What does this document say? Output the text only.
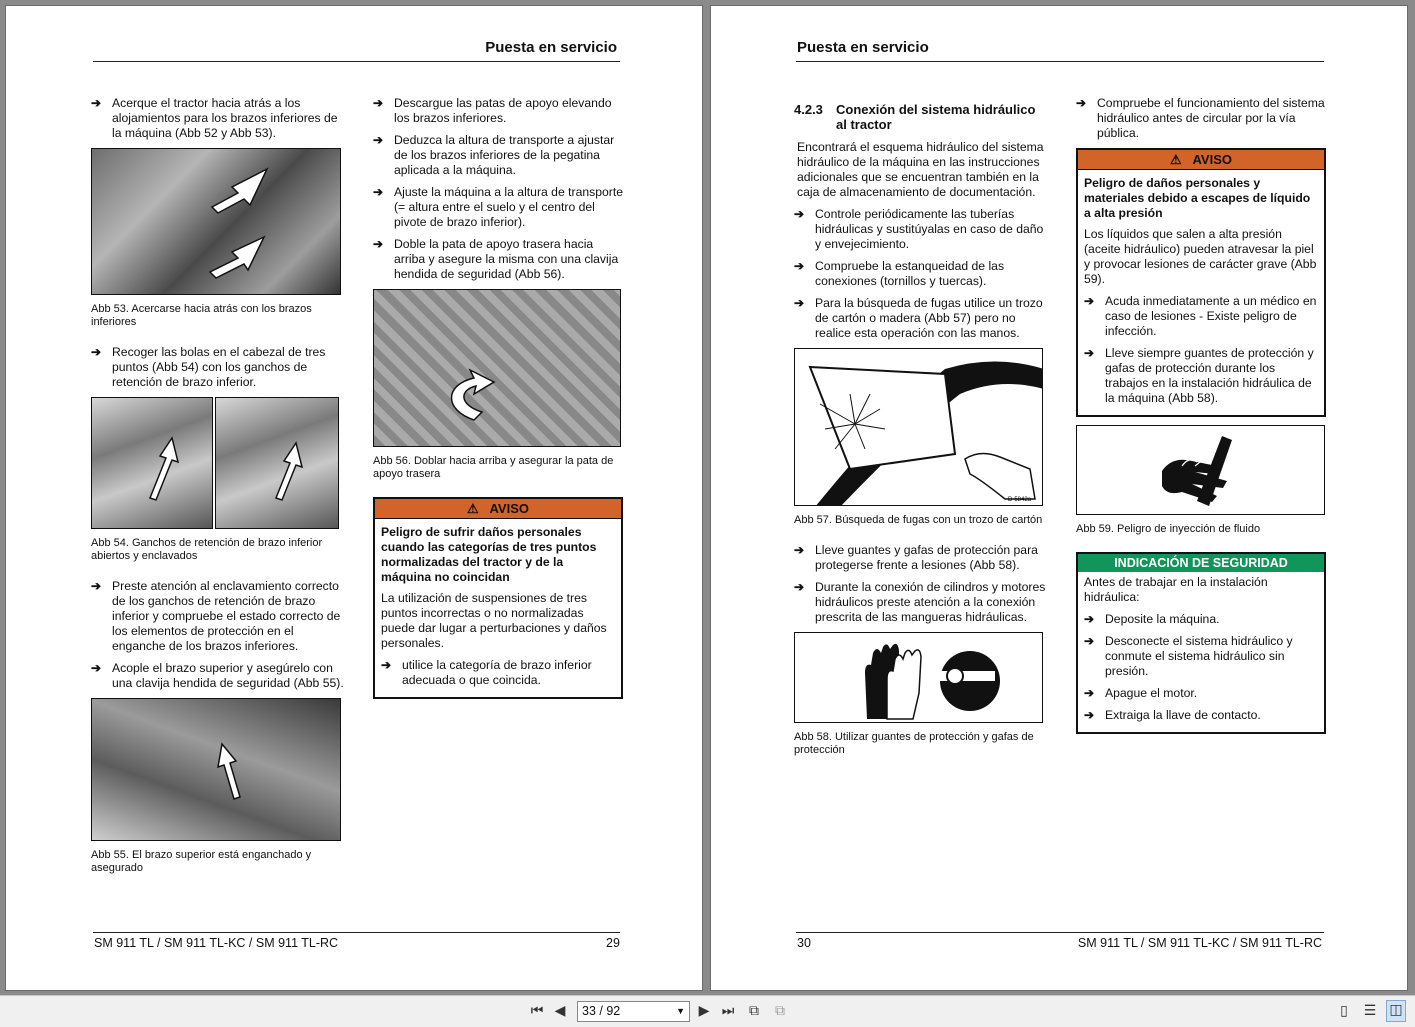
Puesta en servicio
➔ Acerque el tractor hacia atrás a los alojamientos para los brazos inferiores de la máquina (Abb 52 y Abb 53).
Abb 53. Acercarse hacia atrás con los brazos inferiores
➔ Recoger las bolas en el cabezal de tres puntos (Abb 54) con los ganchos de retención de brazo inferior.
Abb 54. Ganchos de retención de brazo inferior abiertos y enclavados
➔ Preste atención al enclavamiento correcto de los ganchos de retención de brazo inferior y compruebe el estado correcto de los elementos de protección en el enganche de los brazos inferiores.
➔ Acople el brazo superior y asegúrelo con una clavija hendida de seguridad (Abb 55).
Abb 55. El brazo superior está enganchado y asegurado
➔ Descargue las patas de apoyo elevando los brazos inferiores.
➔ Deduzca la altura de transporte a ajustar de los brazos inferiores de la pegatina aplicada a la máquina.
➔ Ajuste la máquina a la altura de transporte (= altura entre el suelo y el centro del pivote de brazo inferior).
➔ Doble la pata de apoyo trasera hacia arriba y asegure la misma con una clavija hendida de seguridad (Abb 56).
Abb 56. Doblar hacia arriba y asegurar la pata de apoyo trasera
⚠ AVISO
Peligro de sufrir daños personales cuando las categorías de tres puntos normalizadas del tractor y de la máquina no coincidan
La utilización de suspensiones de tres puntos incorrectas o no normalizadas puede dar lugar a perturbaciones y daños personales.
➔ utilice la categoría de brazo inferior adecuada o que coincida.
SM 911 TL / SM 911 TL-KC / SM 911 TL-RC	29
Puesta en servicio
4.2.3 Conexión del sistema hidráulico al tractor
Encontrará el esquema hidráulico del sistema hidráulico de la máquina en las instrucciones adicionales que se encuentran también en la caja de almacenamiento de documentación.
➔ Controle periódicamente las tuberías hidráulicas y sustitúyalas en caso de daño y envejecimiento.
➔ Compruebe la estanqueidad de las conexiones (tornillos y tuercas).
➔ Para la búsqueda de fugas utilice un trozo de cartón o madera (Abb 57) pero no realice esta operación con las manos.
D-5842a
Abb 57. Búsqueda de fugas con un trozo de cartón
➔ Lleve guantes y gafas de protección para protegerse frente a lesiones (Abb 58).
➔ Durante la conexión de cilindros y motores hidráulicos preste atención a la conexión prescrita de las mangueras hidráulicas.
Abb 58. Utilizar guantes de protección y gafas de protección
➔ Compruebe el funcionamiento del sistema hidráulico antes de circular por la vía pública.
⚠ AVISO
Peligro de daños personales y materiales debido a escapes de líquido a alta presión
Los líquidos que salen a alta presión (aceite hidráulico) pueden atravesar la piel y provocar lesiones de carácter grave (Abb 59).
➔ Acuda inmediatamente a un médico en caso de lesiones - Existe peligro de infección.
➔ Lleve siempre guantes de protección y gafas de protección durante los trabajos en la instalación hidráulica de la máquina (Abb 58).
Abb 59. Peligro de inyección de fluido
INDICACIÓN DE SEGURIDAD
Antes de trabajar en la instalación hidráulica:
➔ Deposite la máquina.
➔ Desconecte el sistema hidráulico y conmute el sistema hidráulico sin presión.
➔ Apague el motor.
➔ Extraiga la llave de contacto.
30	SM 911 TL / SM 911 TL-KC / SM 911 TL-RC
⏮ ◀	33 / 92	▼ ▶ ⏭	⧉	⧉	▯	☰ ◫
